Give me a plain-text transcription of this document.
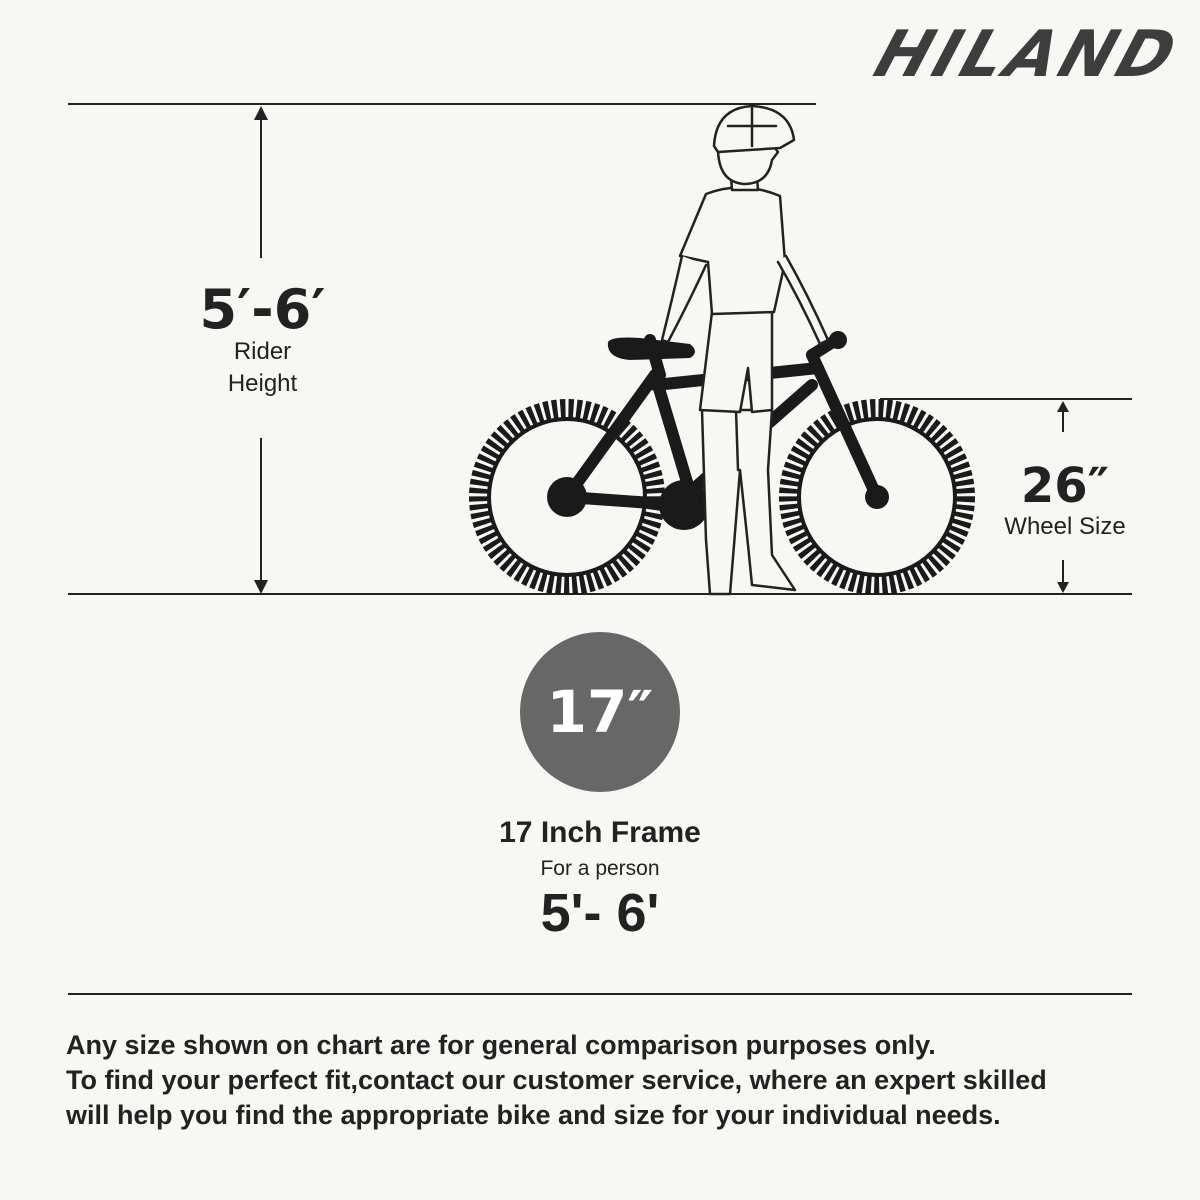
HILAND
5′-6′
Rider
Height
26″
Wheel Size
17″
17 Inch Frame
For a person
5'- 6'
Any size shown on chart are for general comparison purposes only.
To find your perfect fit,contact our customer service, where an expert skilled
will help you find the appropriate bike and size for your individual needs.
